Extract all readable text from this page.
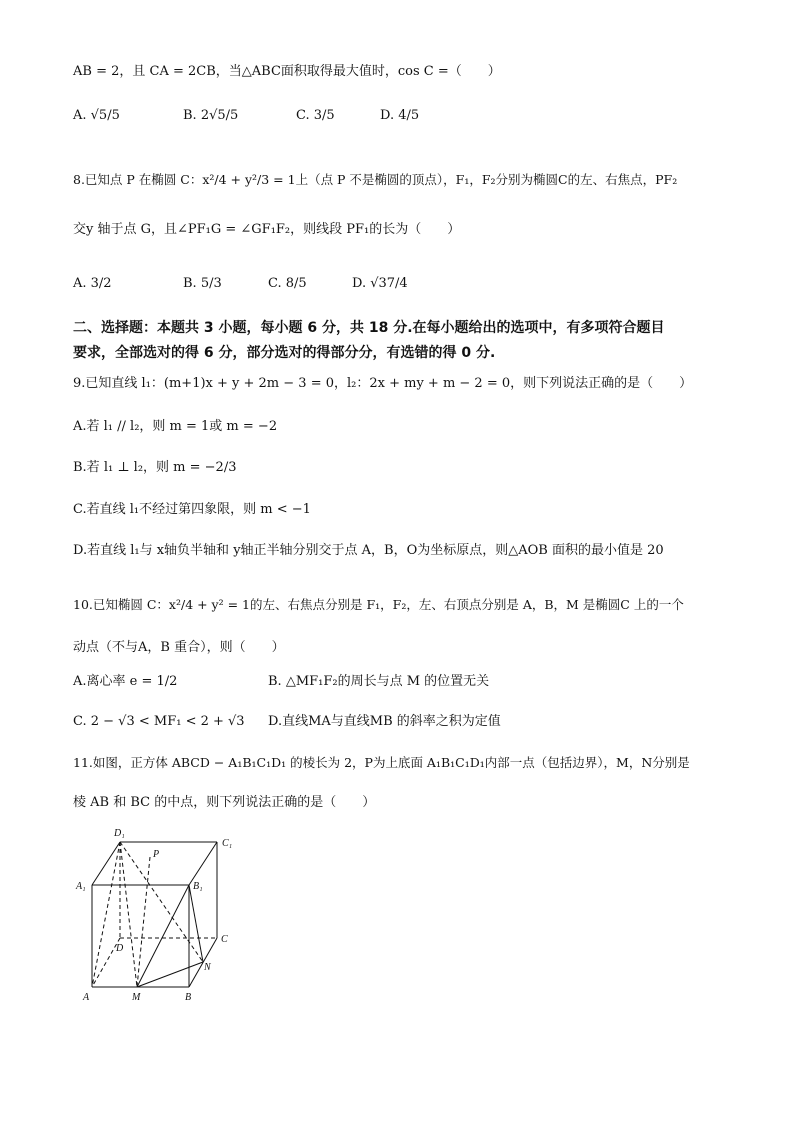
AB = 2，且 CA = 2CB，当△ABC面积取得最大值时，cos C =（　　）
A. √5/5	B. 2√5/5	C. 3/5	D. 4/5
8.已知点 P 在椭圆 C：x²/4 + y²/3 = 1上（点 P 不是椭圆的顶点），F₁，F₂分别为椭圆C的左、右焦点，PF₂
交y 轴于点 G，且∠PF₁G = ∠GF₁F₂，则线段 PF₁的长为（　　）
A. 3/2	B. 5/3	C. 8/5	D. √37/4
二、选择题：本题共 3 小题，每小题 6 分，共 18 分.在每小题给出的选项中，有多项符合题目
要求，全部选对的得 6 分，部分选对的得部分分，有选错的得 0 分.
9.已知直线 l₁：(m+1)x + y + 2m − 3 = 0，l₂：2x + my + m − 2 = 0，则下列说法正确的是（　　）
A.若 l₁ // l₂，则 m = 1或 m = −2
B.若 l₁ ⊥ l₂，则 m = −2/3
C.若直线 l₁不经过第四象限，则 m < −1
D.若直线 l₁与 x轴负半轴和 y轴正半轴分别交于点 A，B，O为坐标原点，则△AOB 面积的最小值是 20
10.已知椭圆 C：x²/4 + y² = 1的左、右焦点分别是 F₁，F₂，左、右顶点分别是 A，B，M 是椭圆C 上的一个
动点（不与A，B 重合），则（　　）
A.离心率 e = 1/2	B. △MF₁F₂的周长与点 M 的位置无关
C. 2 − √3 < MF₁ < 2 + √3 D.直线MA与直线MB 的斜率之积为定值
11.如图，正方体 ABCD − A₁B₁C₁D₁ 的棱长为 2，P为上底面 A₁B₁C₁D₁内部一点（包括边界），M，N分别是
棱 AB 和 BC 的中点，则下列说法正确的是（　　）
D₁
C₁
P
A₁	B₁
D
C
N
A	M	B
